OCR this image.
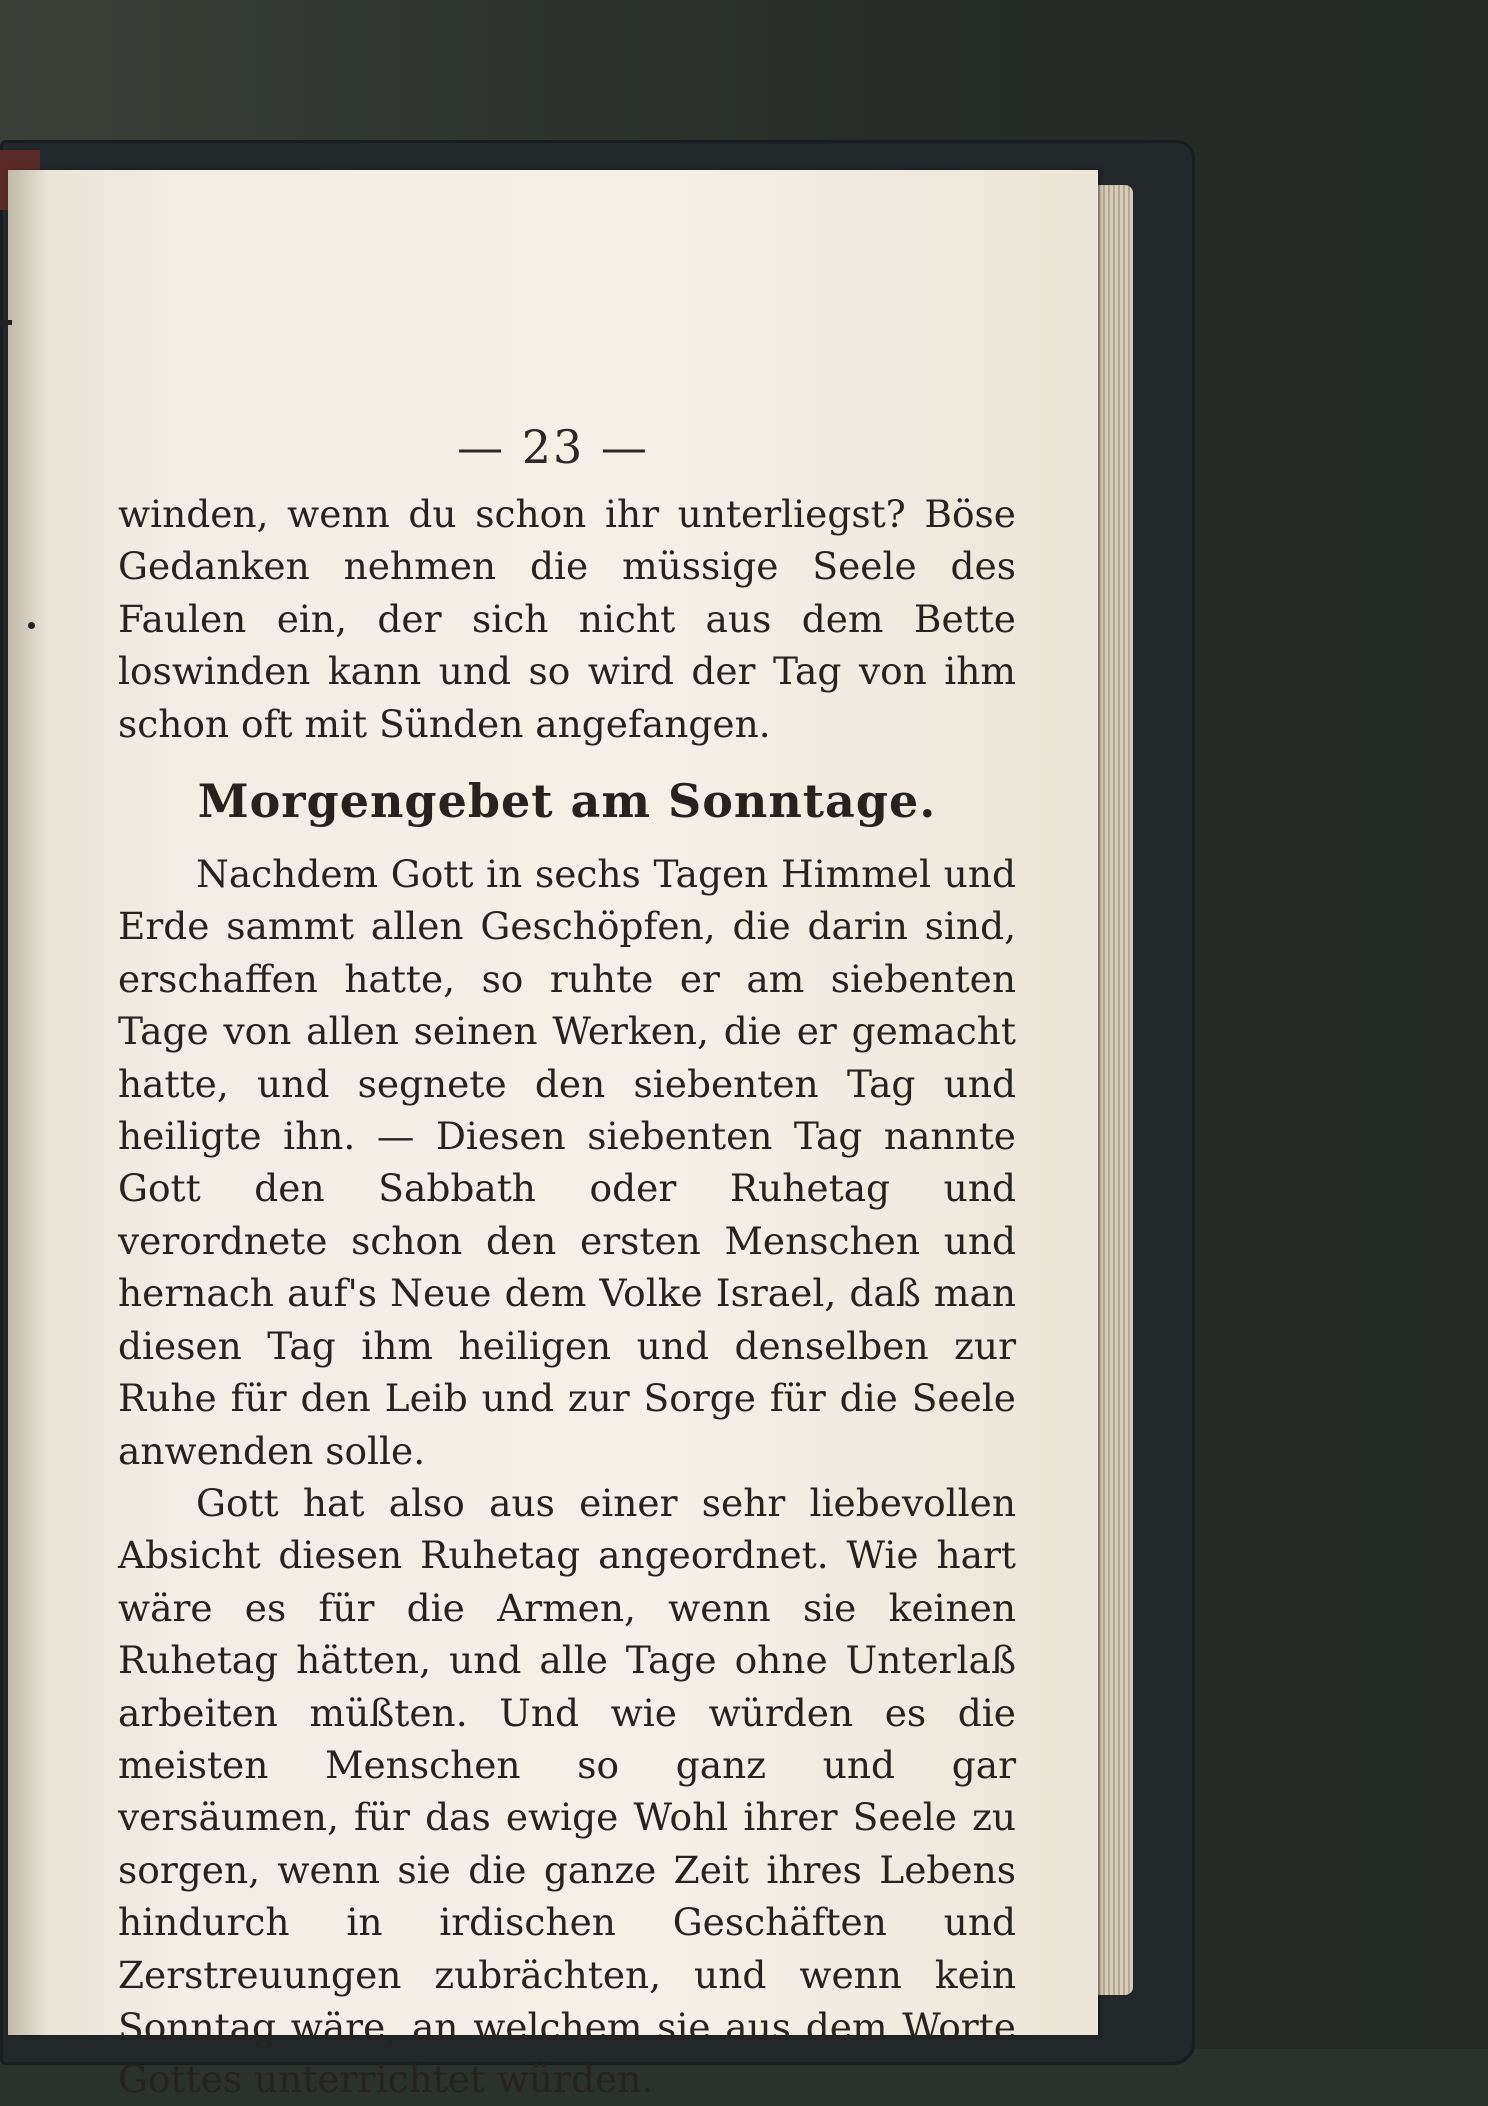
— 23 —

winden, wenn du schon ihr unterliegst? Böse Gedanken nehmen die müssige Seele des Faulen ein, der sich nicht aus dem Bette loswinden kann und so wird der Tag von ihm schon oft mit Sünden angefangen.

Morgengebet am Sonntage.

Nachdem Gott in sechs Tagen Himmel und Erde sammt allen Geschöpfen, die darin sind, erschaffen hatte, so ruhte er am siebenten Tage von allen seinen Werken, die er gemacht hatte, und segnete den siebenten Tag und heiligte ihn. — Diesen siebenten Tag nannte Gott den Sabbath oder Ruhetag und verordnete schon den ersten Menschen und hernach auf's Neue dem Volke Israel, daß man diesen Tag ihm heiligen und denselben zur Ruhe für den Leib und zur Sorge für die Seele anwenden solle.

Gott hat also aus einer sehr liebevollen Absicht diesen Ruhetag angeordnet. Wie hart wäre es für die Armen, wenn sie keinen Ruhetag hätten, und alle Tage ohne Unterlaß arbeiten müßten. Und wie würden es die meisten Menschen so ganz und gar versäumen, für das ewige Wohl ihrer Seele zu sorgen, wenn sie die ganze Zeit ihres Lebens hindurch in irdischen Geschäften und Zerstreuungen zubrächten, und wenn kein Sonntag wäre, an welchem sie aus dem Worte Gottes unterrichtet würden.
